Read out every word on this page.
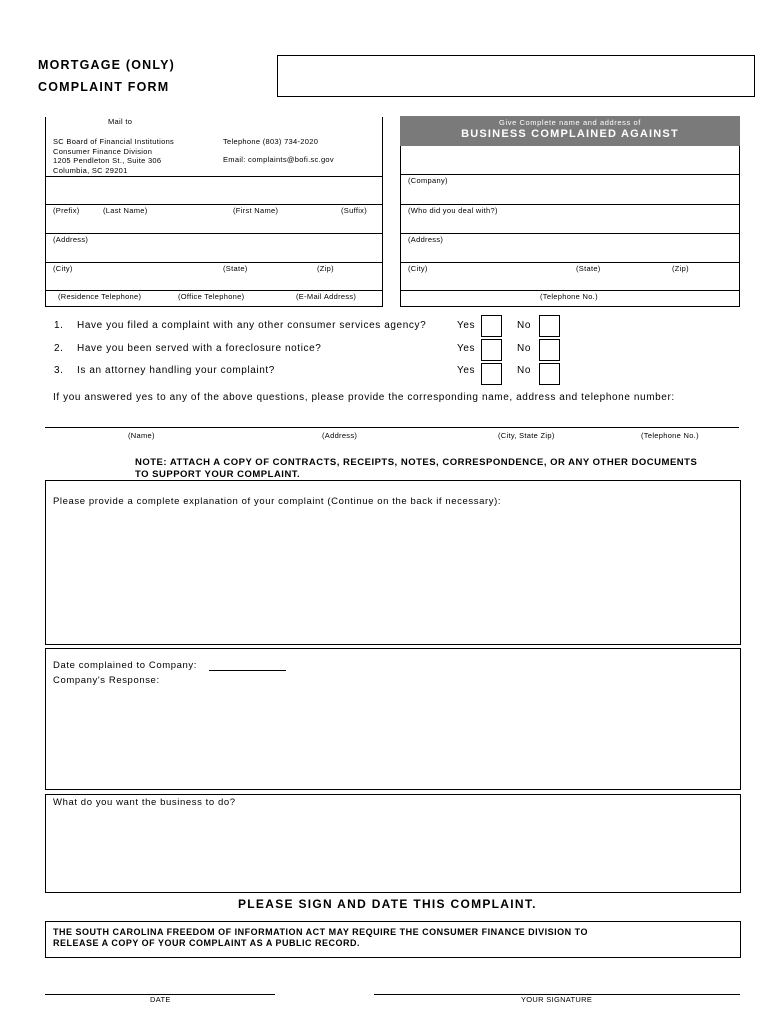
MORTGAGE (ONLY)
COMPLAINT FORM
Mail to
SC Board of Financial Institutions
Consumer Finance Division
1205 Pendleton St., Suite 306
Columbia, SC 29201
Telephone (803) 734-2020
Email: complaints@bofi.sc.gov
(Prefix)	(Last Name)	(First Name)	(Suffix)
(Address)
(City)	(State)	(Zip)
(Residence Telephone)	(Office Telephone)	(E-Mail Address)
Give Complete name and address of
BUSINESS COMPLAINED AGAINST
(Company)
(Who did you deal with?)
(Address)
(City)	(State)	(Zip)
(Telephone No.)
1. Have you filed a complaint with any other consumer services agency?	Yes	No
2. Have you been served with a foreclosure notice?	Yes	No
3. Is an attorney handling your complaint?	Yes	No
If you answered yes to any of the above questions, please provide the corresponding name, address and telephone number:
(Name)	(Address)	(City, State Zip)	(Telephone No.)
NOTE: ATTACH A COPY OF CONTRACTS, RECEIPTS, NOTES, CORRESPONDENCE, OR ANY OTHER DOCUMENTS
TO SUPPORT YOUR COMPLAINT.
Please provide a complete explanation of your complaint (Continue on the back if necessary):
Date complained to Company:
Company's Response:
What do you want the business to do?
PLEASE SIGN AND DATE THIS COMPLAINT.
THE SOUTH CAROLINA FREEDOM OF INFORMATION ACT MAY REQUIRE THE CONSUMER FINANCE DIVISION TO
RELEASE A COPY OF YOUR COMPLAINT AS A PUBLIC RECORD.
DATE	YOUR SIGNATURE
